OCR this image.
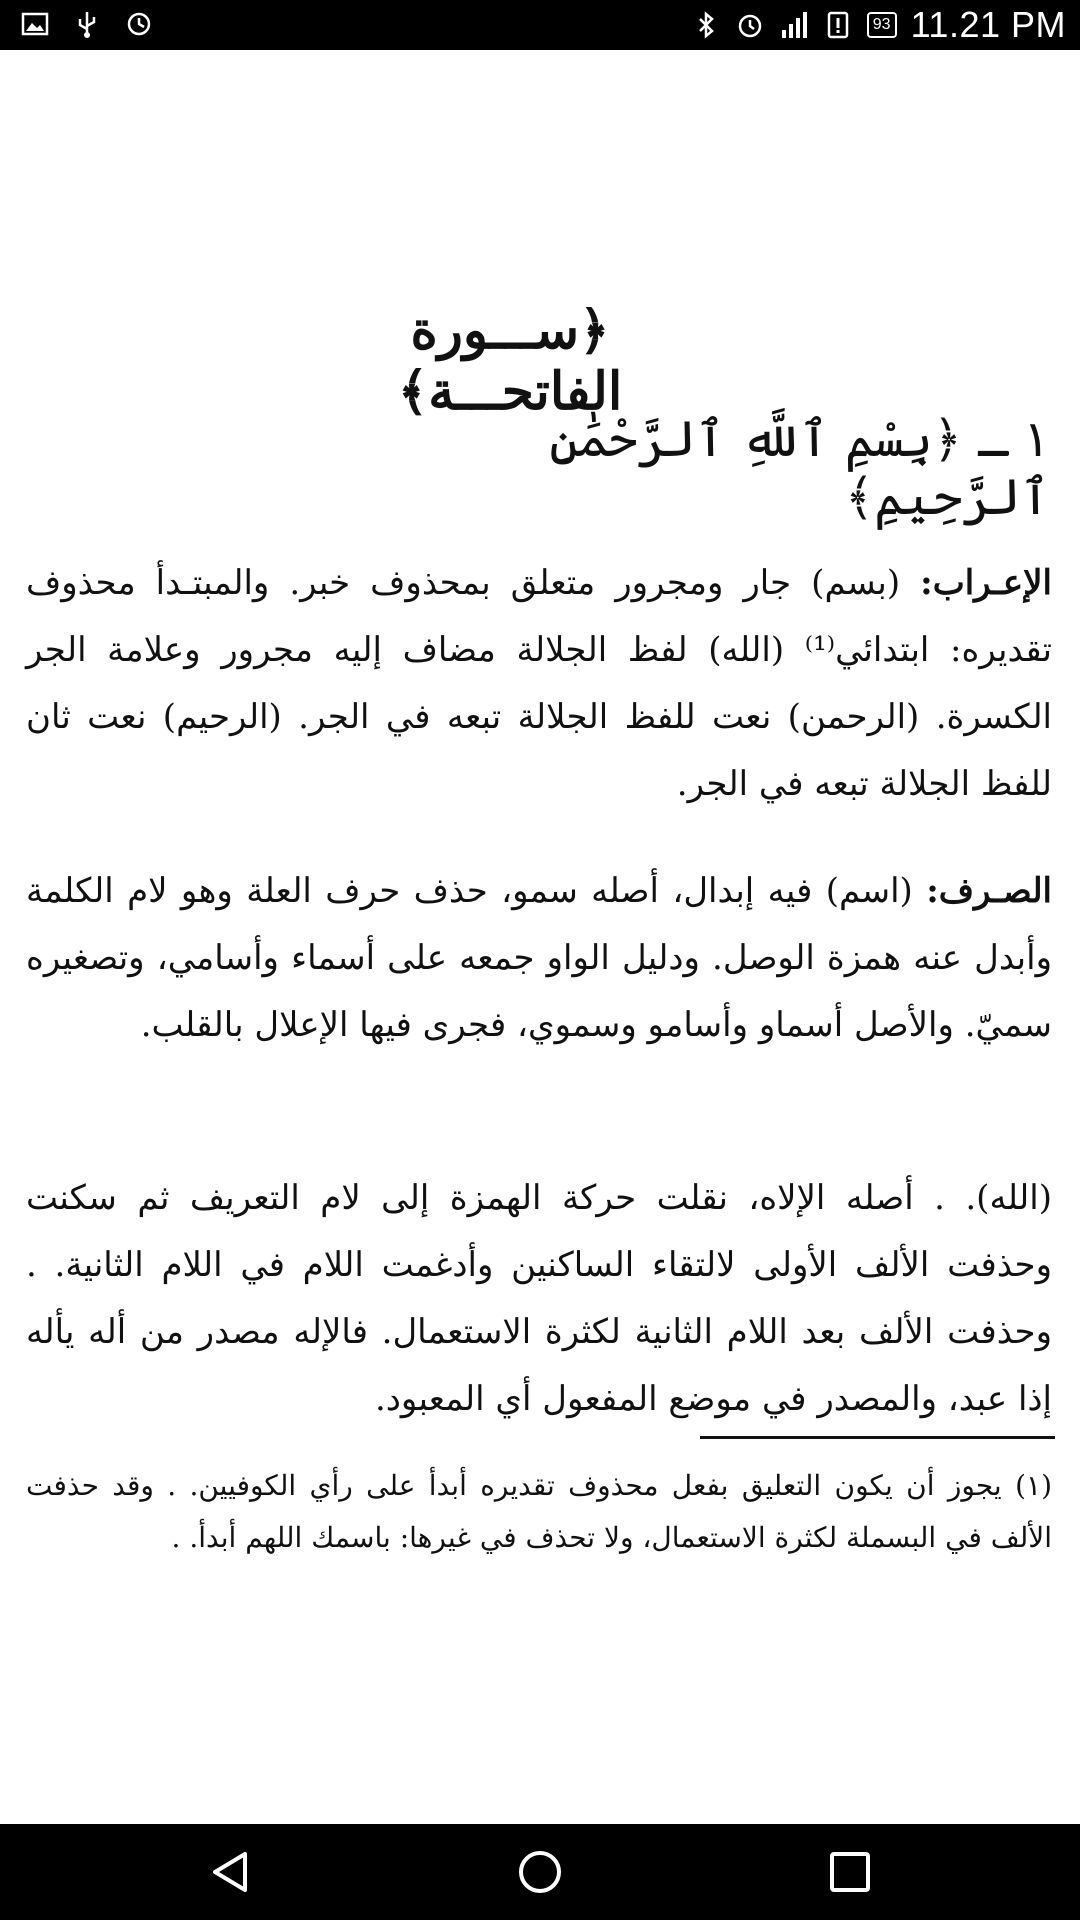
93 11.21 PM
﴿ســـورة الفاتحـــة﴾
١ ـ ﴿بِسْمِ ٱللَّهِ ٱلرَّحْمَٰنِ ٱلرَّحِيمِ﴾
الإعـراب: (بسم) جار ومجرور متعلق بمحذوف خبر. والمبتـدأ محذوف تقديره: ابتدائي⁽¹⁾ (الله) لفظ الجلالة مضاف إليه مجرور وعلامة الجر الكسرة. (الرحمن) نعت للفظ الجلالة تبعه في الجر. (الرحيم) نعت ثان للفظ الجلالة تبعه في الجر.
الصـرف: (اسم) فيه إبدال، أصله سمو، حذف حرف العلة وهو لام الكلمة وأبدل عنه همزة الوصل. ودليل الواو جمعه على أسماء وأسامي، وتصغيره سميّ. والأصل أسماو وأسامو وسموي، فجرى فيها الإعلال بالقلب.
(الله). . أصله الإلاه، نقلت حركة الهمزة إلى لام التعريف ثم سكنت وحذفت الألف الأولى لالتقاء الساكنين وأدغمت اللام في اللام الثانية. . وحذفت الألف بعد اللام الثانية لكثرة الاستعمال. فالإله مصدر من أله يأله إذا عبد، والمصدر في موضع المفعول أي المعبود.
(١) يجوز أن يكون التعليق بفعل محذوف تقديره أبدأ على رأي الكوفيين. . وقد حذفت الألف في البسملة لكثرة الاستعمال، ولا تحذف في غيرها: باسمك اللهم أبدأ. .
